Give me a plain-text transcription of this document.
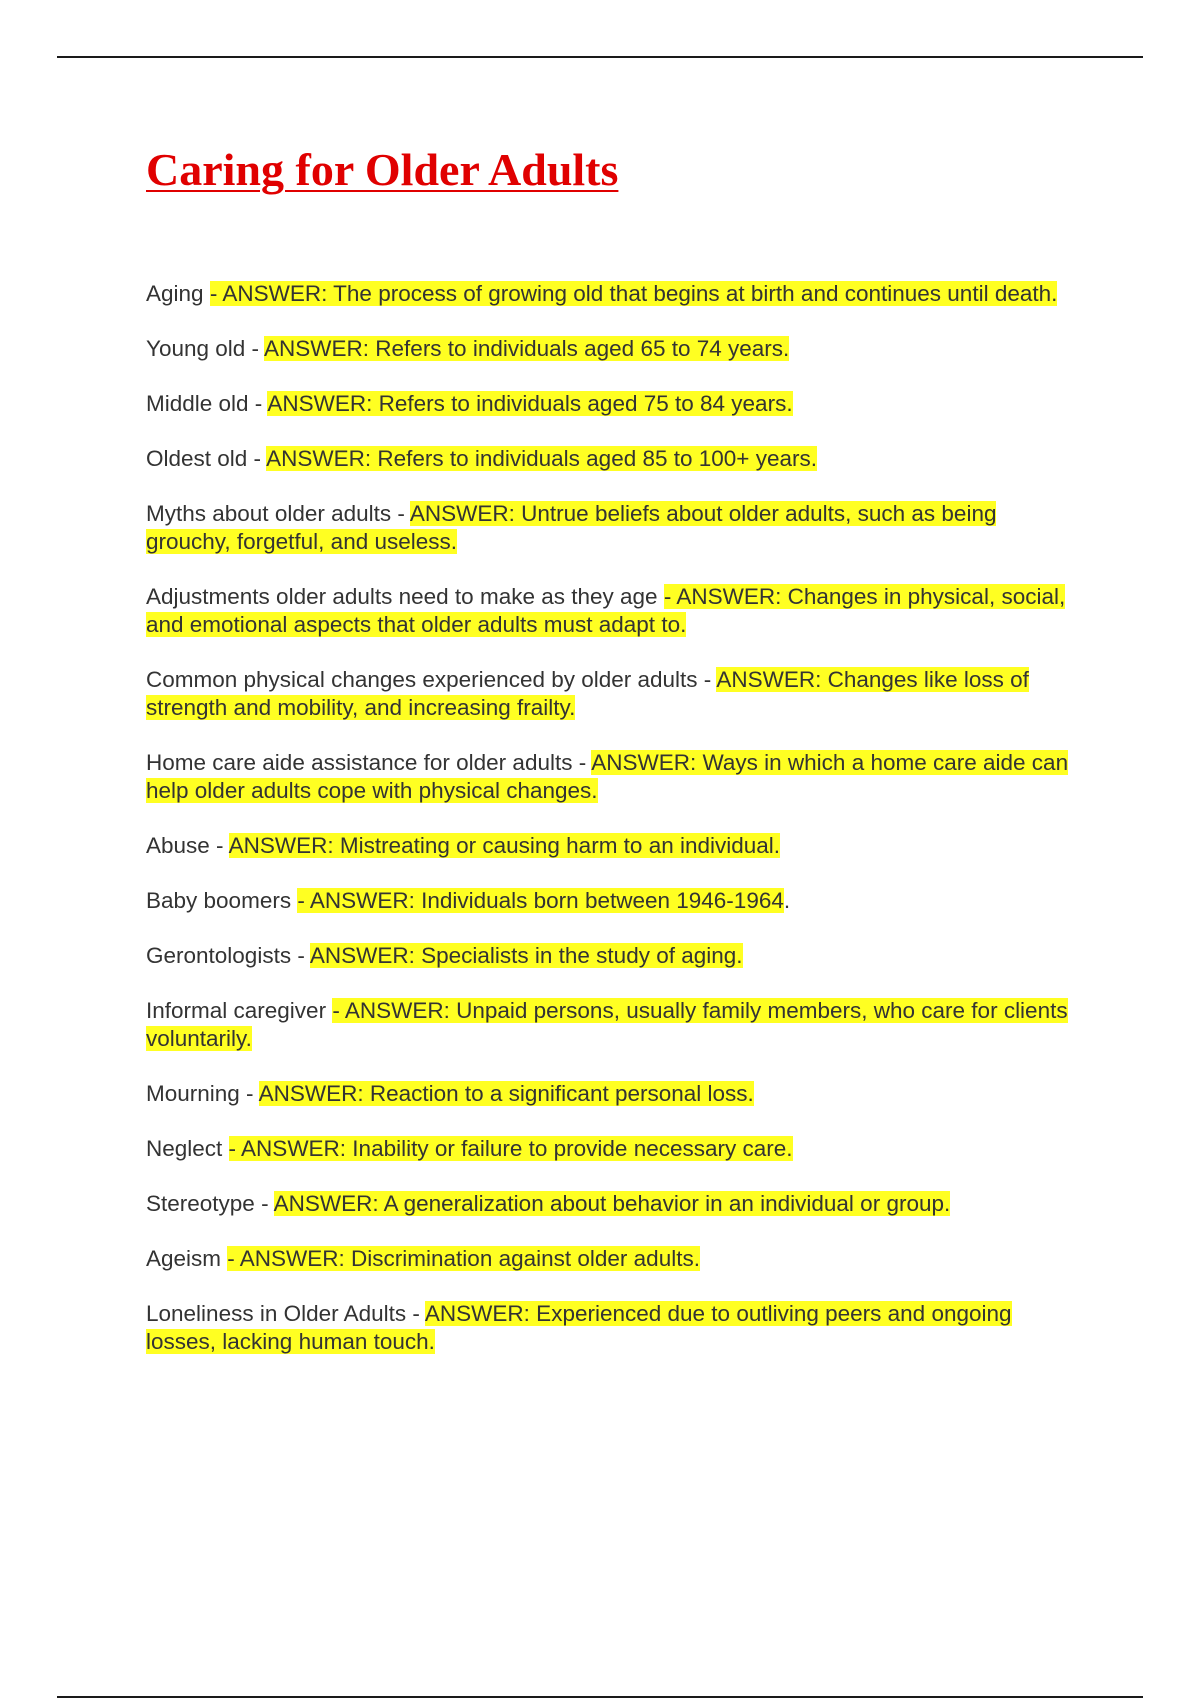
Caring for Older Adults

Aging - ANSWER: The process of growing old that begins at birth and continues until death.

Young old - ANSWER: Refers to individuals aged 65 to 74 years.

Middle old - ANSWER: Refers to individuals aged 75 to 84 years.

Oldest old - ANSWER: Refers to individuals aged 85 to 100+ years.

Myths about older adults - ANSWER: Untrue beliefs about older adults, such as being grouchy, forgetful, and useless.

Adjustments older adults need to make as they age - ANSWER: Changes in physical, social, and emotional aspects that older adults must adapt to.

Common physical changes experienced by older adults - ANSWER: Changes like loss of strength and mobility, and increasing frailty.

Home care aide assistance for older adults - ANSWER: Ways in which a home care aide can help older adults cope with physical changes.

Abuse - ANSWER: Mistreating or causing harm to an individual.

Baby boomers - ANSWER: Individuals born between 1946-1964.

Gerontologists - ANSWER: Specialists in the study of aging.

Informal caregiver - ANSWER: Unpaid persons, usually family members, who care for clients voluntarily.

Mourning - ANSWER: Reaction to a significant personal loss.

Neglect - ANSWER: Inability or failure to provide necessary care.

Stereotype - ANSWER: A generalization about behavior in an individual or group.

Ageism - ANSWER: Discrimination against older adults.

Loneliness in Older Adults - ANSWER: Experienced due to outliving peers and ongoing losses, lacking human touch.
